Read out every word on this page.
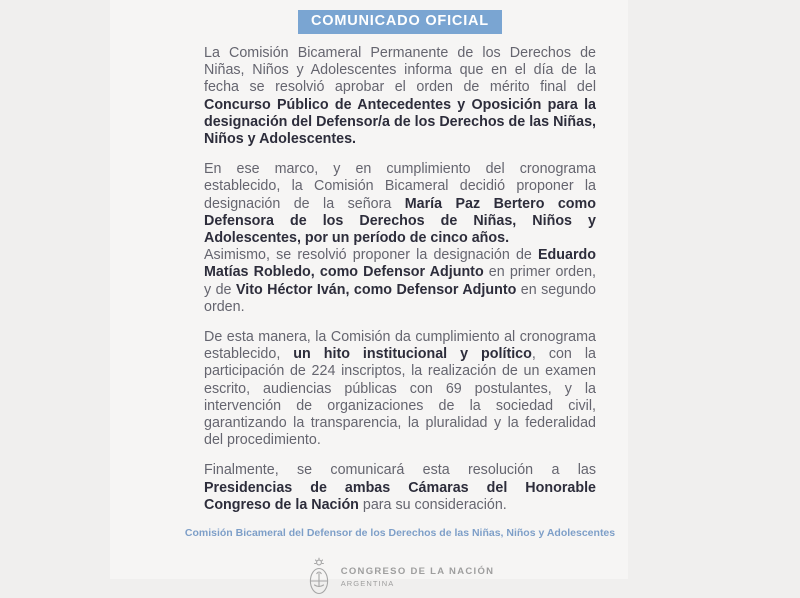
COMUNICADO OFICIAL

La Comisión Bicameral Permanente de los Derechos de Niñas, Niños y Adolescentes informa que en el día de la fecha se resolvió aprobar el orden de mérito final del Concurso Público de Antecedentes y Oposición para la designación del Defensor/a de los Derechos de las Niñas, Niños y Adolescentes.

En ese marco, y en cumplimiento del cronograma establecido, la Comisión Bicameral decidió proponer la designación de la señora María Paz Bertero como Defensora de los Derechos de Niñas, Niños y Adolescentes, por un período de cinco años.

Asimismo, se resolvió proponer la designación de Eduardo Matías Robledo, como Defensor Adjunto en primer orden, y de Vito Héctor Iván, como Defensor Adjunto en segundo orden.

De esta manera, la Comisión da cumplimiento al cronograma establecido, un hito institucional y político, con la participación de 224 inscriptos, la realización de un examen escrito, audiencias públicas con 69 postulantes, y la intervención de organizaciones de la sociedad civil, garantizando la transparencia, la pluralidad y la federalidad del procedimiento.

Finalmente, se comunicará esta resolución a las Presidencias de ambas Cámaras del Honorable Congreso de la Nación para su consideración.

Comisión Bicameral del Defensor de los Derechos de las Niñas, Niños y Adolescentes
CONGRESO DE LA NACIÓN
ARGENTINA
